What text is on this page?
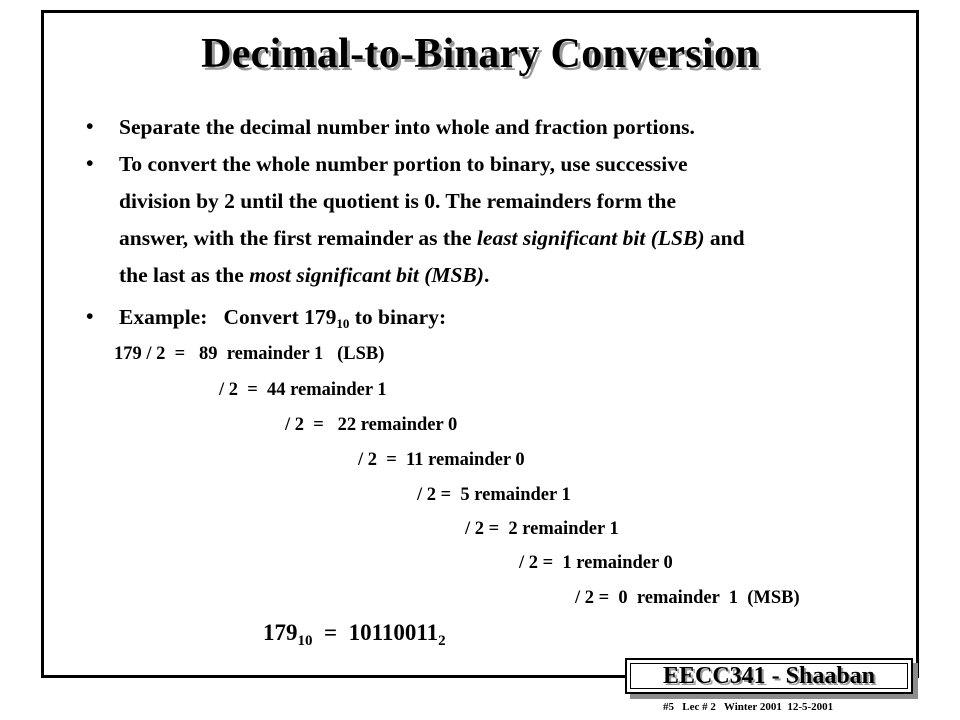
Decimal-to-Binary Conversion
• Separate the decimal number into whole and fraction portions.
• To convert the whole number portion to binary, use successive
division by 2 until the quotient is 0. The remainders form the
answer, with the first remainder as the least significant bit (LSB) and
the last as the most significant bit (MSB).
• Example:   Convert $179_{10}$ to binary:
179 / 2  =   89  remainder 1   (LSB)
/ 2  =  44 remainder 1
/ 2  =   22 remainder 0
/ 2  =  11 remainder 0
/ 2 =  5 remainder 1
/ 2 =  2 remainder 1
/ 2 =  1 remainder 0
/ 2 =  0  remainder  1  (MSB)
$179_{10} = 10110011_2$
EECC341 - Shaaban
#5   Lec # 2   Winter 2001  12-5-2001
